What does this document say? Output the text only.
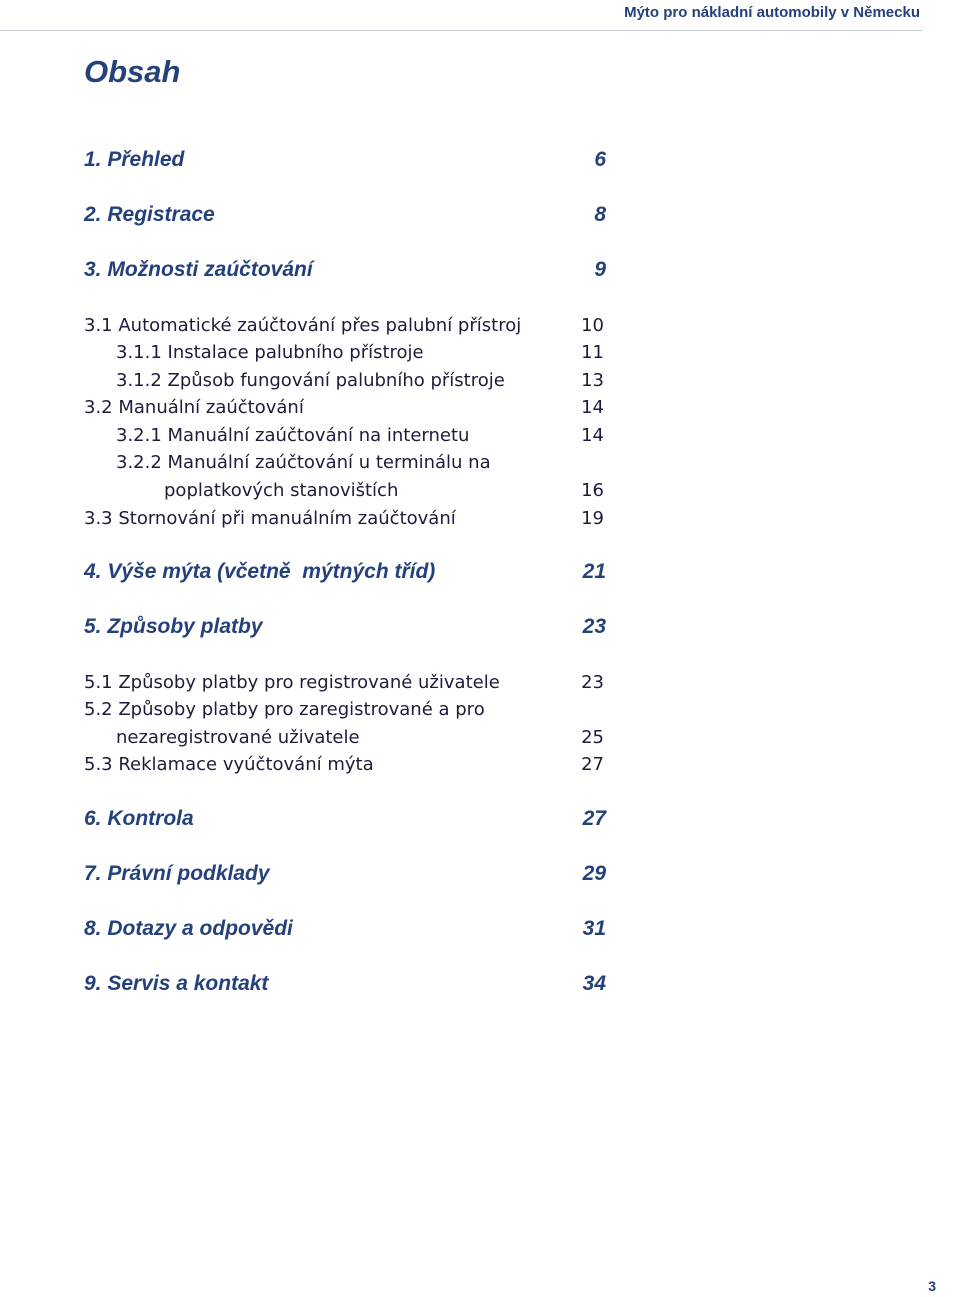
Mýto pro nákladní automobily v Německu
Obsah
1. Přehled	6
2. Registrace	8
3. Možnosti zaúčtování	9
3.1 Automatické zaúčtování přes palubní přístroj	10
3.1.1 Instalace palubního přístroje	11
3.1.2 Způsob fungování palubního přístroje	13
3.2 Manuální zaúčtování	14
3.2.1 Manuální zaúčtování na internetu	14
3.2.2 Manuální zaúčtování u terminálu na
poplatkových stanovištích	16
3.3 Stornování při manuálním zaúčtování	19
4. Výše mýta (včetně  mýtných tříd)	21
5. Způsoby platby	23
5.1 Způsoby platby pro registrované uživatele	23
5.2 Způsoby platby pro zaregistrované a pro
nezaregistrované uživatele	25
5.3 Reklamace vyúčtování mýta	27
6. Kontrola	27
7. Právní podklady	29
8. Dotazy a odpovědi	31
9. Servis a kontakt	34
3
